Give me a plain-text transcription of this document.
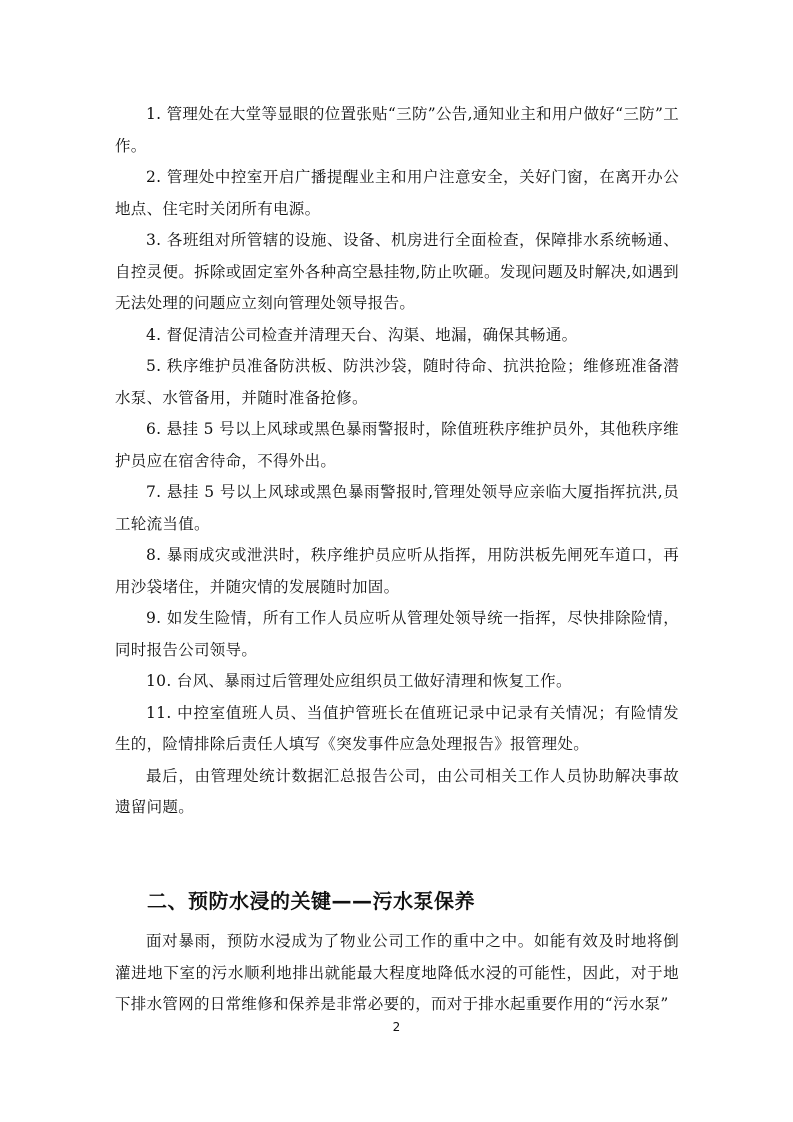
1. 管理处在大堂等显眼的位置张贴“三防”公告,通知业主和用户做好“三防”工作。

2. 管理处中控室开启广播提醒业主和用户注意安全，关好门窗，在离开办公地点、住宅时关闭所有电源。

3. 各班组对所管辖的设施、设备、机房进行全面检查，保障排水系统畅通、自控灵便。拆除或固定室外各种高空悬挂物,防止吹砸。发现问题及时解决,如遇到无法处理的问题应立刻向管理处领导报告。

4. 督促清洁公司检查并清理天台、沟渠、地漏，确保其畅通。

5. 秩序维护员准备防洪板、防洪沙袋，随时待命、抗洪抢险；维修班准备潜水泵、水管备用，并随时准备抢修。

6. 悬挂 5 号以上风球或黑色暴雨警报时，除值班秩序维护员外，其他秩序维护员应在宿舍待命，不得外出。

7. 悬挂 5 号以上风球或黑色暴雨警报时,管理处领导应亲临大厦指挥抗洪,员工轮流当值。

8. 暴雨成灾或泄洪时，秩序维护员应听从指挥，用防洪板先闸死车道口，再用沙袋堵住，并随灾情的发展随时加固。

9. 如发生险情，所有工作人员应听从管理处领导统一指挥，尽快排除险情，同时报告公司领导。

10. 台风、暴雨过后管理处应组织员工做好清理和恢复工作。

11. 中控室值班人员、当值护管班长在值班记录中记录有关情况；有险情发生的，险情排除后责任人填写《突发事件应急处理报告》报管理处。

最后，由管理处统计数据汇总报告公司，由公司相关工作人员协助解决事故遗留问题。

二、预防水浸的关键——污水泵保养

面对暴雨，预防水浸成为了物业公司工作的重中之中。如能有效及时地将倒灌进地下室的污水顺利地排出就能最大程度地降低水浸的可能性，因此，对于地下排水管网的日常维修和保养是非常必要的，而对于排水起重要作用的“污水泵”

2
